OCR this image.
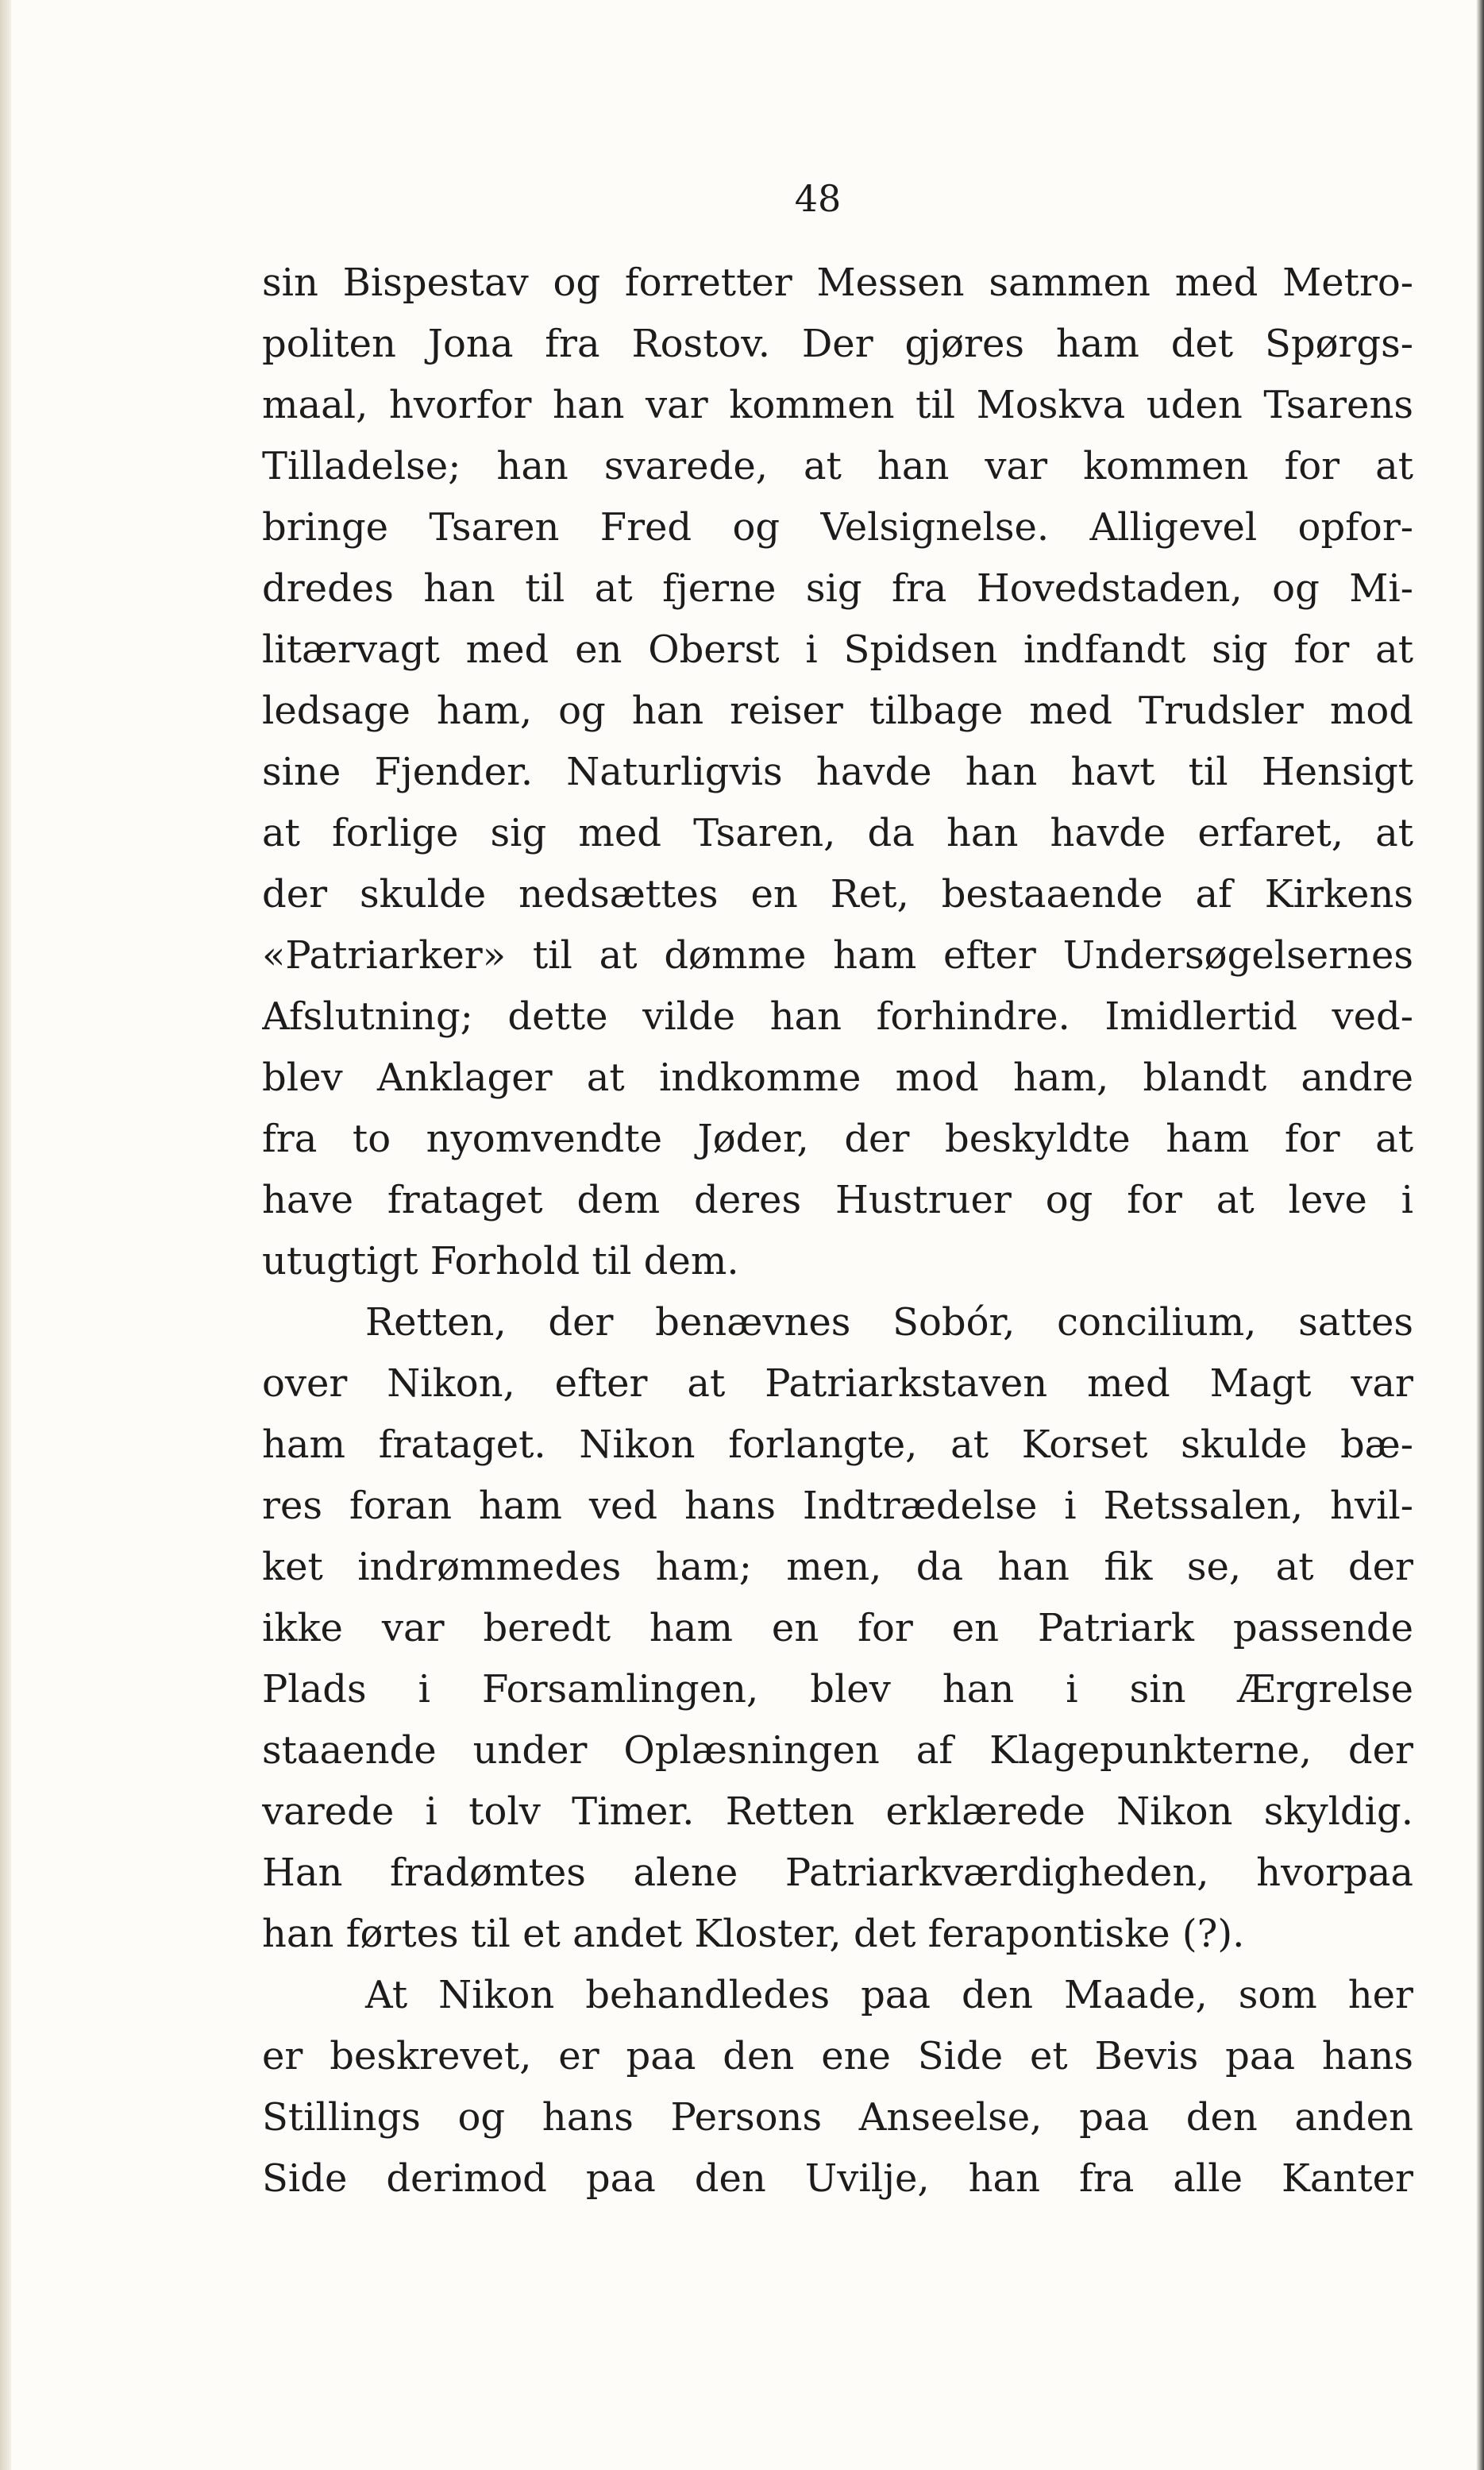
48
sin Bispestav og forretter Messen sammen med Metro-
politen Jona fra Rostov. Der gjøres ham det Spørgs-
maal, hvorfor han var kommen til Moskva uden Tsarens
Tilladelse; han svarede, at han var kommen for at
bringe Tsaren Fred og Velsignelse. Alligevel opfor-
dredes han til at fjerne sig fra Hovedstaden, og Mi-
litærvagt med en Oberst i Spidsen indfandt sig for at
ledsage ham, og han reiser tilbage med Trudsler mod
sine Fjender. Naturligvis havde han havt til Hensigt
at forlige sig med Tsaren, da han havde erfaret, at
der skulde nedsættes en Ret, bestaaende af Kirkens
«Patriarker» til at dømme ham efter Undersøgelsernes
Afslutning; dette vilde han forhindre. Imidlertid ved-
blev Anklager at indkomme mod ham, blandt andre
fra to nyomvendte Jøder, der beskyldte ham for at
have frataget dem deres Hustruer og for at leve i
utugtigt Forhold til dem.
Retten, der benævnes Sobór, concilium, sattes
over Nikon, efter at Patriarkstaven med Magt var
ham frataget. Nikon forlangte, at Korset skulde bæ-
res foran ham ved hans Indtrædelse i Retssalen, hvil-
ket indrømmedes ham; men, da han fik se, at der
ikke var beredt ham en for en Patriark passende
Plads i Forsamlingen, blev han i sin Ærgrelse
staaende under Oplæsningen af Klagepunkterne, der
varede i tolv Timer. Retten erklærede Nikon skyldig.
Han fradømtes alene Patriarkværdigheden, hvorpaa
han førtes til et andet Kloster, det ferapontiske (?).
At Nikon behandledes paa den Maade, som her
er beskrevet, er paa den ene Side et Bevis paa hans
Stillings og hans Persons Anseelse, paa den anden
Side derimod paa den Uvilje, han fra alle Kanter
